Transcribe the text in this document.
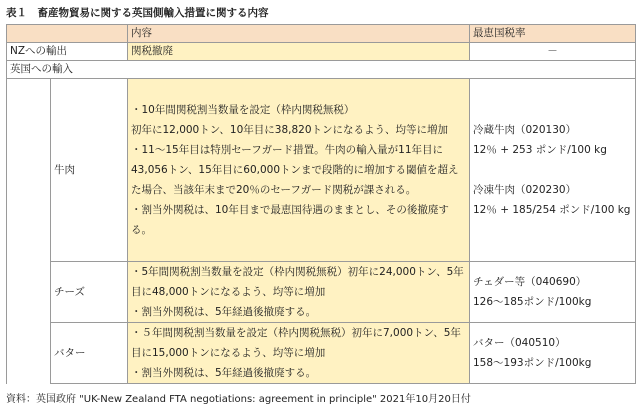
表１　畜産物貿易に関する英国側輸入措置に関する内容
		内容	最恵国税率
NZへの輸出		関税撤廃	－
英国への輸入			
	牛肉	・10年間関税割当数量を設定（枠内関税無税）
初年に12,000トン、10年目に38,820トンになるよう、均等に増加
・11～15年目は特別セーフガード措置。牛肉の輸入量が11年目に43,056トン、15年目に60,000トンまで段階的に増加する閾値を超えた場合、当該年末まで20％のセーフガード関税が課される。
・割当外関税は、10年目まで最恵国待遇のままとし、その後撤廃する。	冷蔵牛肉（020130）
12％ + 253 ポンド/100 kg
冷凍牛肉（020230）
12％ + 185/254 ポンド/100 kg

	チーズ	・5年間関税割当数量を設定（枠内関税無税）初年に24,000トン、5年目に48,000トンになるよう、均等に増加
・割当外関税は、5年経過後撤廃する。	チェダー等（040690）
126～185ポンド/100kg

	バター	・５年間関税割当数量を設定（枠内関税無税）初年に7,000トン、5年目に15,000トンになるよう、均等に増加
・割当外関税は、5年経過後撤廃する。	バター（040510）
158～193ポンド/100kg
資料：英国政府 "UK-New Zealand FTA negotiations: agreement in principle" 2021年10月20日付
